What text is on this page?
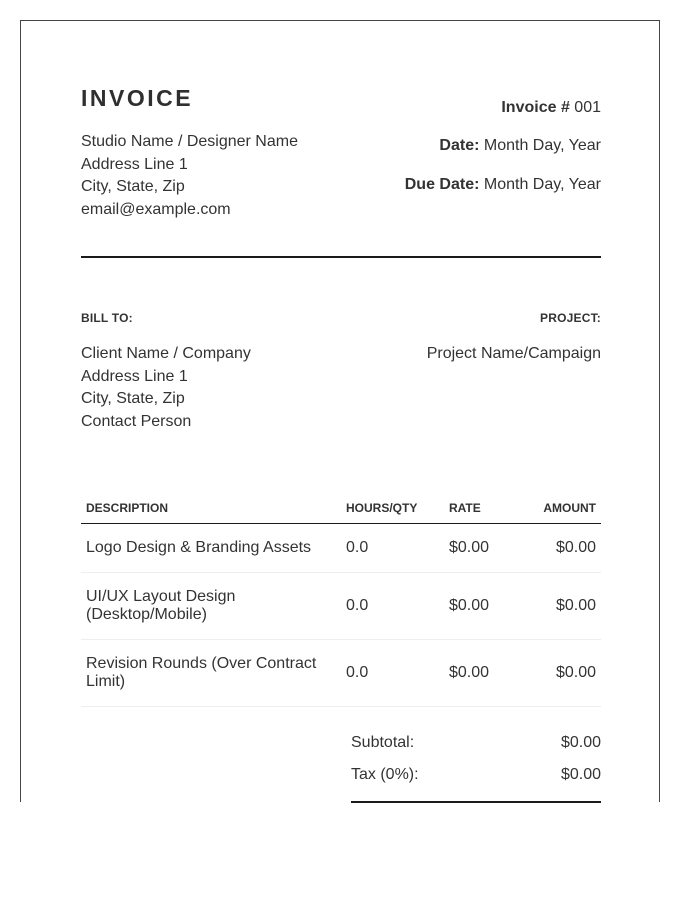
INVOICE
Studio Name / Designer Name
Address Line 1
City, State, Zip
email@example.com
Invoice # 001
Date: Month Day, Year
Due Date: Month Day, Year
BILL TO:	PROJECT:
Client Name / Company
Address Line 1
City, State, Zip
Contact Person
Project Name/Campaign
DESCRIPTION	HOURS/QTY	RATE	AMOUNT
Logo Design & Branding Assets	0.0	$0.00	$0.00
UI/UX Layout Design (Desktop/Mobile)	0.0	$0.00	$0.00
Revision Rounds (Over Contract Limit)	0.0	$0.00	$0.00
Subtotal:	$0.00
Tax (0%):	$0.00
